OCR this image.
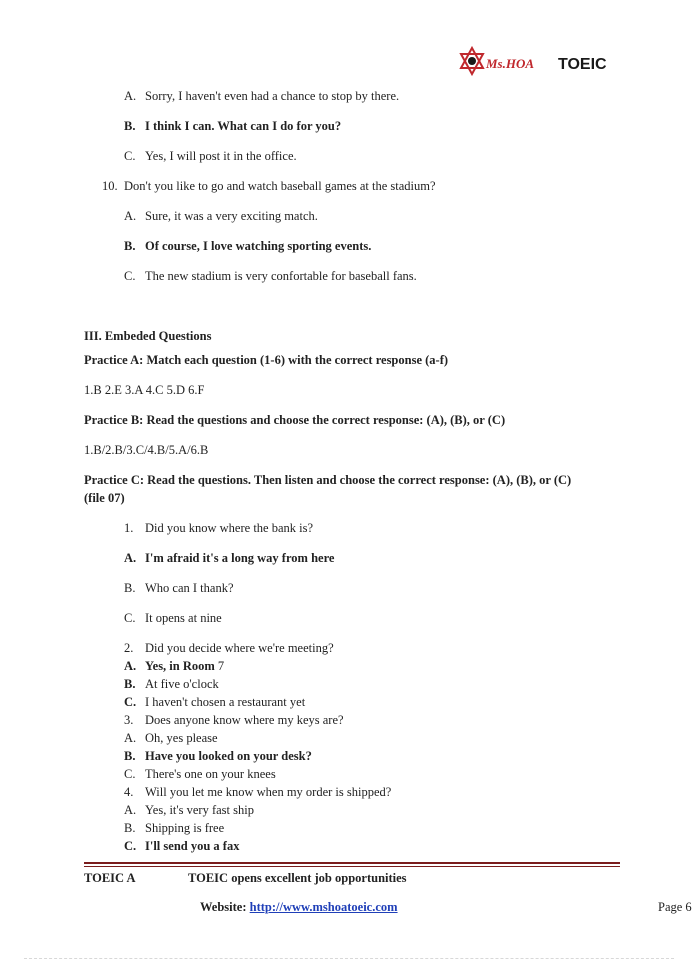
Ms.HOA TOEIC
A. Sorry, I haven't even had a chance to stop by there.
B. I think I can. What can I do for you?
C. Yes, I will post it in the office.
10. Don't you like to go and watch baseball games at the stadium?
A. Sure, it was a very exciting match.
B. Of course, I love watching sporting events.
C. The new stadium is very confortable for baseball fans.
III. Embeded Questions
Practice A: Match each question (1-6) with the correct response (a-f)
1.B 2.E 3.A 4.C 5.D 6.F
Practice B: Read the questions and choose the correct response: (A), (B), or (C)
1.B/2.B/3.C/4.B/5.A/6.B
Practice C: Read the questions. Then listen and choose the correct response: (A), (B), or (C)
(file 07)
1. Did you know where the bank is?
A. I'm afraid it's a long way from here
B. Who can I thank?
C. It opens at nine
2. Did you decide where we're meeting?
A. Yes, in Room 7
B. At five o'clock
C. I haven't chosen a restaurant yet
3. Does anyone know where my keys are?
A. Oh, yes please
B. Have you looked on your desk?
C. There's one on your knees
4. Will you let me know when my order is shipped?
A. Yes, it's very fast ship
B. Shipping is free
C. I'll send you a fax
TOEIC A	TOEIC opens excellent job opportunities
Website: http://www.mshoatoeic.com	Page 6
